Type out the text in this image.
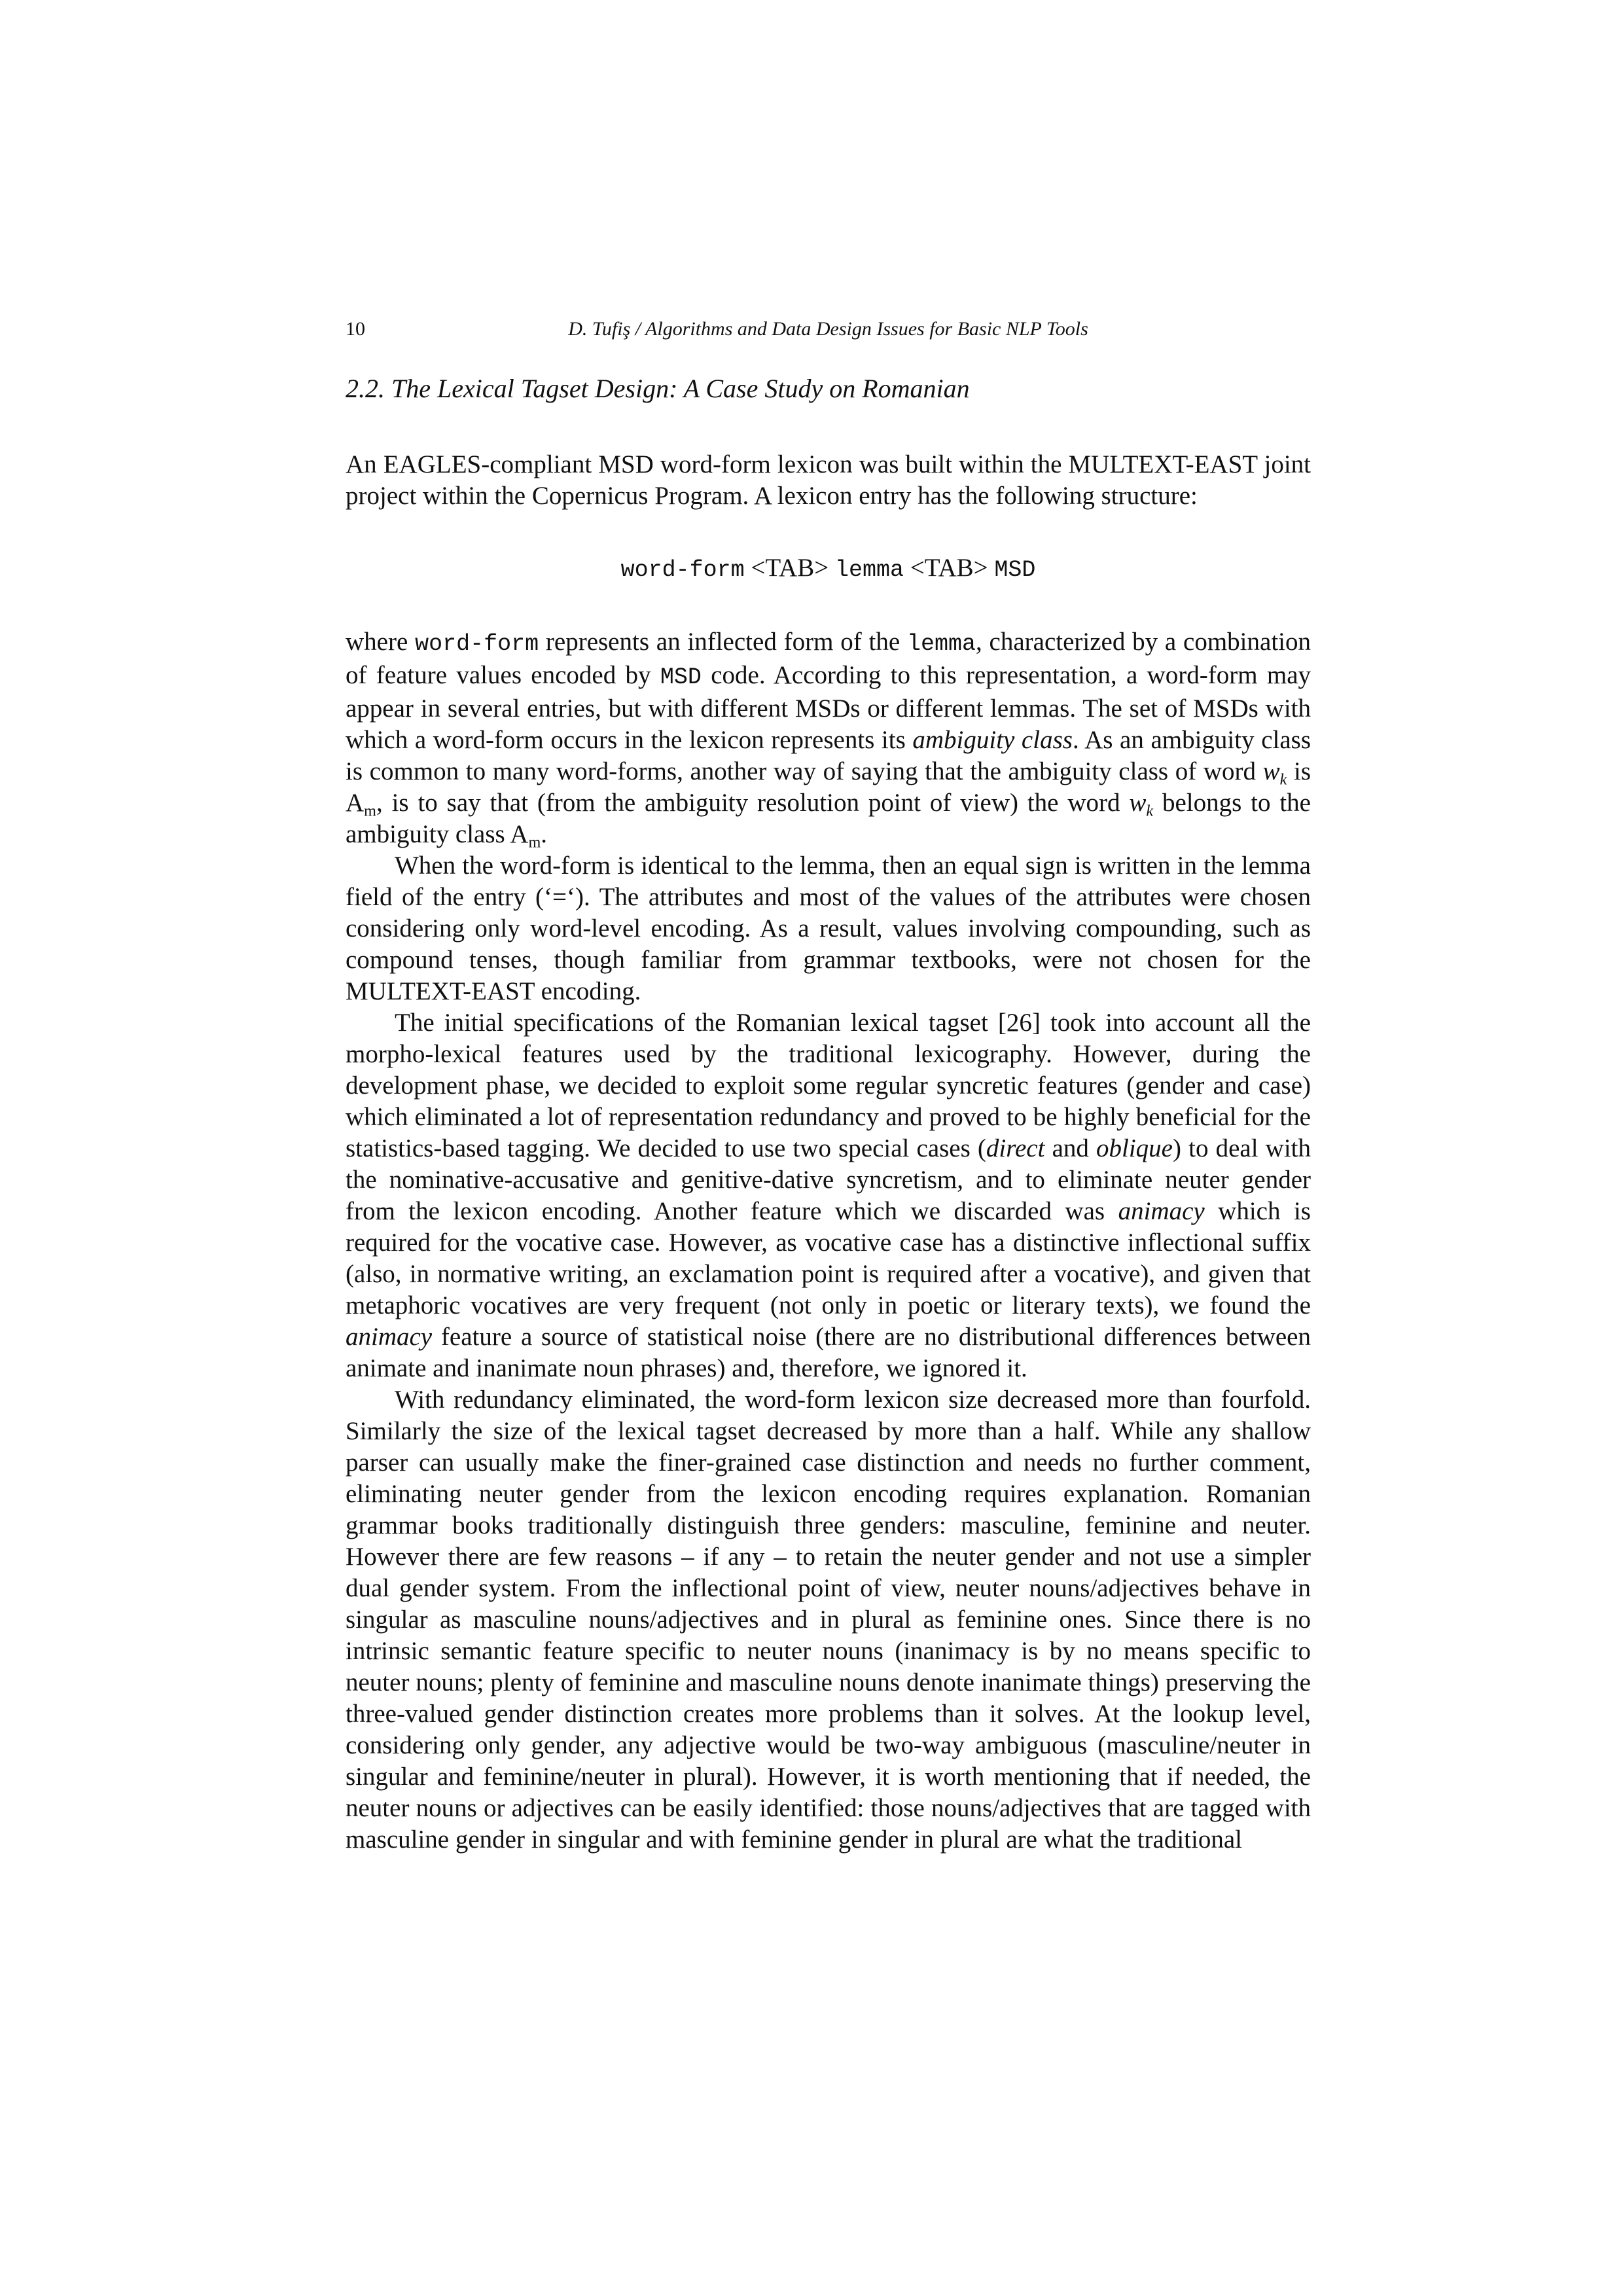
10	D. Tufiş / Algorithms and Data Design Issues for Basic NLP Tools
2.2. The Lexical Tagset Design: A Case Study on Romanian

An EAGLES-compliant MSD word-form lexicon was built within the MULTEXT-EAST joint project within the Copernicus Program. A lexicon entry has the following structure:

word-form <TAB> lemma <TAB> MSD

where word-form represents an inflected form of the lemma, characterized by a combination of feature values encoded by MSD code. According to this representation, a word-form may appear in several entries, but with different MSDs or different lemmas. The set of MSDs with which a word-form occurs in the lexicon represents its ambiguity class. As an ambiguity class is common to many word-forms, another way of saying that the ambiguity class of word $w_k$ is $A_m$, is to say that (from the ambiguity resolution point of view) the word $w_k$ belongs to the ambiguity class $A_m$.

When the word-form is identical to the lemma, then an equal sign is written in the lemma field of the entry (‘=‘). The attributes and most of the values of the attributes were chosen considering only word-level encoding. As a result, values involving compounding, such as compound tenses, though familiar from grammar textbooks, were not chosen for the MULTEXT-EAST encoding.

The initial specifications of the Romanian lexical tagset [26] took into account all the morpho-lexical features used by the traditional lexicography. However, during the development phase, we decided to exploit some regular syncretic features (gender and case) which eliminated a lot of representation redundancy and proved to be highly beneficial for the statistics-based tagging. We decided to use two special cases (direct and oblique) to deal with the nominative-accusative and genitive-dative syncretism, and to eliminate neuter gender from the lexicon encoding. Another feature which we discarded was animacy which is required for the vocative case. However, as vocative case has a distinctive inflectional suffix (also, in normative writing, an exclamation point is required after a vocative), and given that metaphoric vocatives are very frequent (not only in poetic or literary texts), we found the animacy feature a source of statistical noise (there are no distributional differences between animate and inanimate noun phrases) and, therefore, we ignored it.

With redundancy eliminated, the word-form lexicon size decreased more than fourfold. Similarly the size of the lexical tagset decreased by more than a half. While any shallow parser can usually make the finer-grained case distinction and needs no further comment, eliminating neuter gender from the lexicon encoding requires explanation. Romanian grammar books traditionally distinguish three genders: masculine, feminine and neuter. However there are few reasons – if any – to retain the neuter gender and not use a simpler dual gender system. From the inflectional point of view, neuter nouns/adjectives behave in singular as masculine nouns/adjectives and in plural as feminine ones. Since there is no intrinsic semantic feature specific to neuter nouns (inanimacy is by no means specific to neuter nouns; plenty of feminine and masculine nouns denote inanimate things) preserving the three-valued gender distinction creates more problems than it solves. At the lookup level, considering only gender, any adjective would be two-way ambiguous (masculine/neuter in singular and feminine/neuter in plural). However, it is worth mentioning that if needed, the neuter nouns or adjectives can be easily identified: those nouns/adjectives that are tagged with masculine gender in singular and with feminine gender in plural are what the traditional
